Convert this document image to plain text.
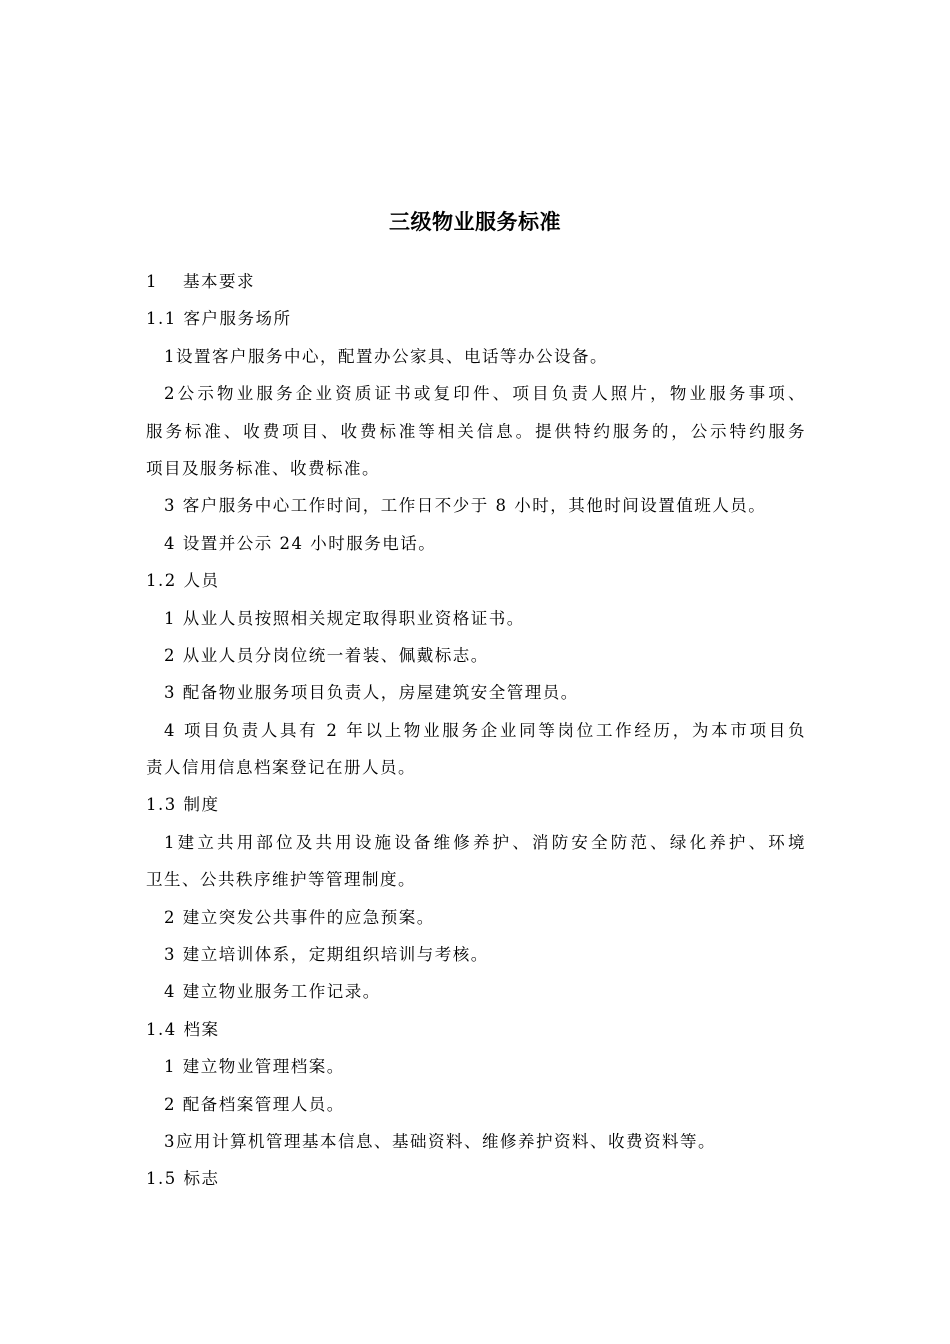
三级物业服务标准
1 基本要求
1.1 客户服务场所
1设置客户服务中心，配置办公家具、电话等办公设备。
2公示物业服务企业资质证书或复印件、项目负责人照片，物业服务事项、
服务标准、收费项目、收费标准等相关信息。提供特约服务的，公示特约服务
项目及服务标准、收费标准。
3 客户服务中心工作时间，工作日不少于 8 小时，其他时间设置值班人员。
4 设置并公示 24 小时服务电话。
1.2 人员
1 从业人员按照相关规定取得职业资格证书。
2 从业人员分岗位统一着装、佩戴标志。
3 配备物业服务项目负责人，房屋建筑安全管理员。
4 项目负责人具有 2 年以上物业服务企业同等岗位工作经历，为本市项目负
责人信用信息档案登记在册人员。
1.3 制度
1建立共用部位及共用设施设备维修养护、消防安全防范、绿化养护、环境
卫生、公共秩序维护等管理制度。
2 建立突发公共事件的应急预案。
3 建立培训体系，定期组织培训与考核。
4 建立物业服务工作记录。
1.4 档案
1 建立物业管理档案。
2 配备档案管理人员。
3应用计算机管理基本信息、基础资料、维修养护资料、收费资料等。
1.5 标志
